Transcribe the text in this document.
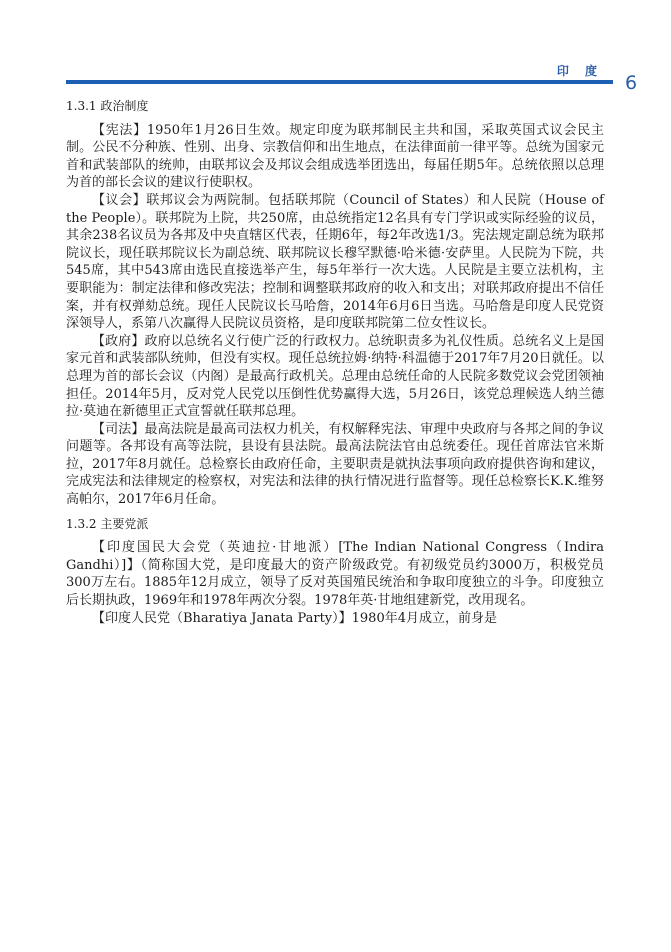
印 度
6
1.3.1 政治制度

【宪法】1950年1月26日生效。规定印度为联邦制民主共和国，采取英国式议会民主制。公民不分种族、性别、出身、宗教信仰和出生地点，在法律面前一律平等。总统为国家元首和武装部队的统帅，由联邦议会及邦议会组成选举团选出，每届任期5年。总统依照以总理为首的部长会议的建议行使职权。

【议会】联邦议会为两院制。包括联邦院（Council of States）和人民院（House of the People）。联邦院为上院，共250席，由总统指定12名具有专门学识或实际经验的议员，其余238名议员为各邦及中央直辖区代表，任期6年，每2年改选1/3。宪法规定副总统为联邦院议长，现任联邦院议长为副总统、联邦院议长穆罕默德·哈米德·安萨里。人民院为下院，共545席，其中543席由选民直接选举产生，每5年举行一次大选。人民院是主要立法机构，主要职能为：制定法律和修改宪法；控制和调整联邦政府的收入和支出；对联邦政府提出不信任案，并有权弹劾总统。现任人民院议长马哈詹，2014年6月6日当选。马哈詹是印度人民党资深领导人，系第八次赢得人民院议员资格，是印度联邦院第二位女性议长。

【政府】政府以总统名义行使广泛的行政权力。总统职责多为礼仪性质。总统名义上是国家元首和武装部队统帅，但没有实权。现任总统拉姆·纳特·科温德于2017年7月20日就任。以总理为首的部长会议（内阁）是最高行政机关。总理由总统任命的人民院多数党议会党团领袖担任。2014年5月，反对党人民党以压倒性优势赢得大选，5月26日，该党总理候选人纳兰德拉·莫迪在新德里正式宣誓就任联邦总理。

【司法】最高法院是最高司法权力机关，有权解释宪法、审理中央政府与各邦之间的争议问题等。各邦设有高等法院，县设有县法院。最高法院法官由总统委任。现任首席法官米斯拉，2017年8月就任。总检察长由政府任命，主要职责是就执法事项向政府提供咨询和建议，完成宪法和法律规定的检察权，对宪法和法律的执行情况进行监督等。现任总检察长K.K.维努高帕尔，2017年6月任命。

1.3.2 主要党派

【印度国民大会党（英迪拉·甘地派）[The Indian National Congress（Indira Gandhi）]】（简称国大党，是印度最大的资产阶级政党。有初级党员约3000万，积极党员300万左右。1885年12月成立，领导了反对英国殖民统治和争取印度独立的斗争。印度独立后长期执政，1969年和1978年两次分裂。1978年英·甘地组建新党，改用现名。

【印度人民党（Bharatiya Janata Party）】1980年4月成立，前身是
